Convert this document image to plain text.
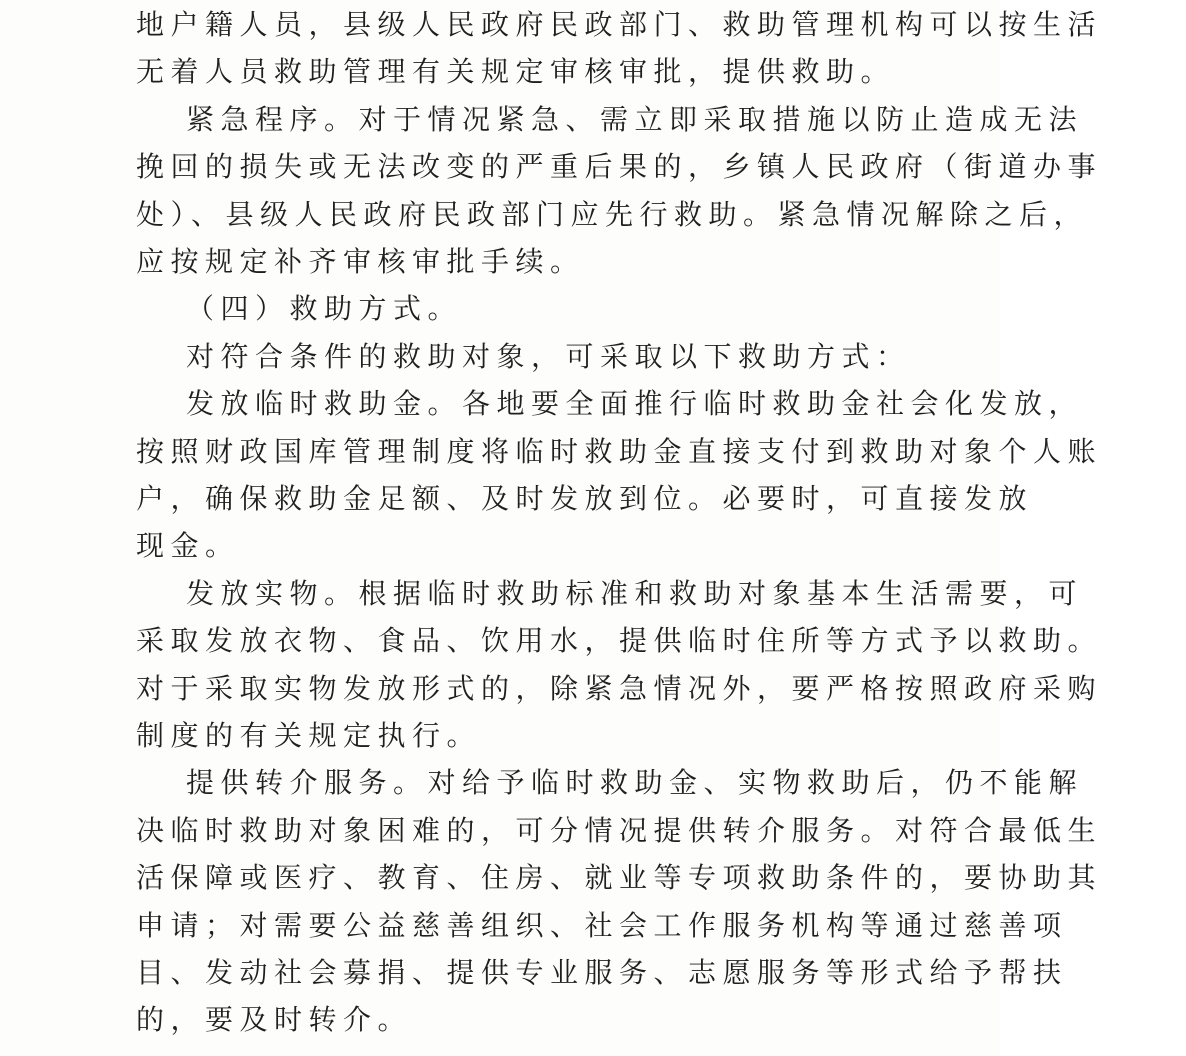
地户籍人员，县级人民政府民政部门、救助管理机构可以按生活
无着人员救助管理有关规定审核审批，提供救助。
紧急程序。对于情况紧急、需立即采取措施以防止造成无法
挽回的损失或无法改变的严重后果的，乡镇人民政府（街道办事
处）、县级人民政府民政部门应先行救助。紧急情况解除之后，
应按规定补齐审核审批手续。
（四）救助方式。
对符合条件的救助对象，可采取以下救助方式：
发放临时救助金。各地要全面推行临时救助金社会化发放，
按照财政国库管理制度将临时救助金直接支付到救助对象个人账
户，确保救助金足额、及时发放到位。必要时，可直接发放
现金。
发放实物。根据临时救助标准和救助对象基本生活需要，可
采取发放衣物、食品、饮用水，提供临时住所等方式予以救助。
对于采取实物发放形式的，除紧急情况外，要严格按照政府采购
制度的有关规定执行。
提供转介服务。对给予临时救助金、实物救助后，仍不能解
决临时救助对象困难的，可分情况提供转介服务。对符合最低生
活保障或医疗、教育、住房、就业等专项救助条件的，要协助其
申请；对需要公益慈善组织、社会工作服务机构等通过慈善项
目、发动社会募捐、提供专业服务、志愿服务等形式给予帮扶
的，要及时转介。
